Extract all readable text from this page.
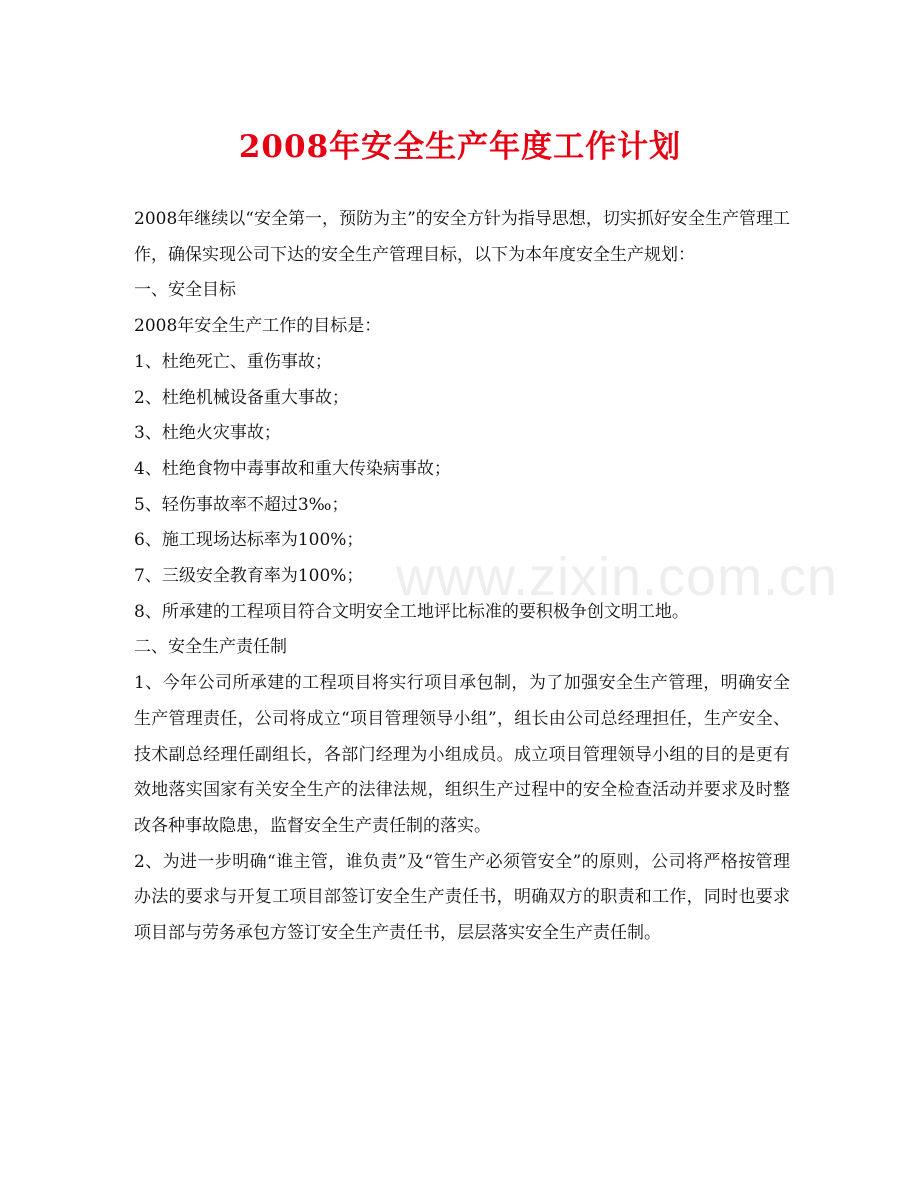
2008年安全生产年度工作计划

2008年继续以“安全第一，预防为主”的安全方针为指导思想，切实抓好安全生产管理工作，确保实现公司下达的安全生产管理目标，以下为本年度安全生产规划：

一、安全目标

2008年安全生产工作的目标是：

1、杜绝死亡、重伤事故；

2、杜绝机械设备重大事故；

3、杜绝火灾事故；

4、杜绝食物中毒事故和重大传染病事故；

5、轻伤事故率不超过3‰；

6、施工现场达标率为100%；

7、三级安全教育率为100%；

8、所承建的工程项目符合文明安全工地评比标准的要积极争创文明工地。

二、安全生产责任制

1、今年公司所承建的工程项目将实行项目承包制，为了加强安全生产管理，明确安全生产管理责任，公司将成立“项目管理领导小组”，组长由公司总经理担任，生产安全、技术副总经理任副组长，各部门经理为小组成员。成立项目管理领导小组的目的是更有效地落实国家有关安全生产的法律法规，组织生产过程中的安全检查活动并要求及时整改各种事故隐患，监督安全生产责任制的落实。

2、为进一步明确“谁主管，谁负责”及“管生产必须管安全”的原则，公司将严格按管理办法的要求与开复工项目部签订安全生产责任书，明确双方的职责和工作，同时也要求项目部与劳务承包方签订安全生产责任书，层层落实安全生产责任制。

www.zixin.com.cn
